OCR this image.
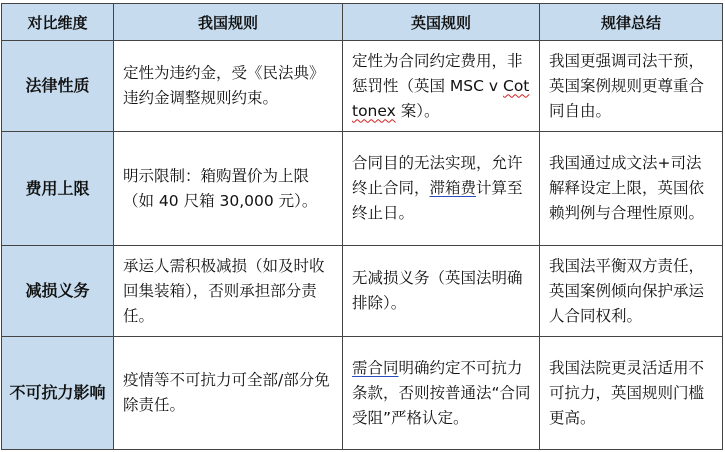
对比维度	我国规则	英国规则	规律总结
法律性质	定性为违约金，受《民法典》违约金调整规则约束。	定性为合同约定费用，非惩罚性（英国 MSC v Cottonex 案）。	我国更强调司法干预，英国案例规则更尊重合同自由。
费用上限	明示限制：箱购置价为上限（如 40 尺箱 30,000 元）。	合同目的无法实现，允许终止合同，滞箱费计算至终止日。	我国通过成文法+司法解释设定上限，英国依赖判例与合理性原则。
减损义务	承运人需积极减损（如及时收回集装箱），否则承担部分责任。	无减损义务（英国法明确排除）。	我国法平衡双方责任，英国案例倾向保护承运人合同权利。
不可抗力影响	疫情等不可抗力可全部/部分免除责任。	需合同明确约定不可抗力条款，否则按普通法“合同受阻”严格认定。	我国法院更灵活适用不可抗力，英国规则门槛更高。
